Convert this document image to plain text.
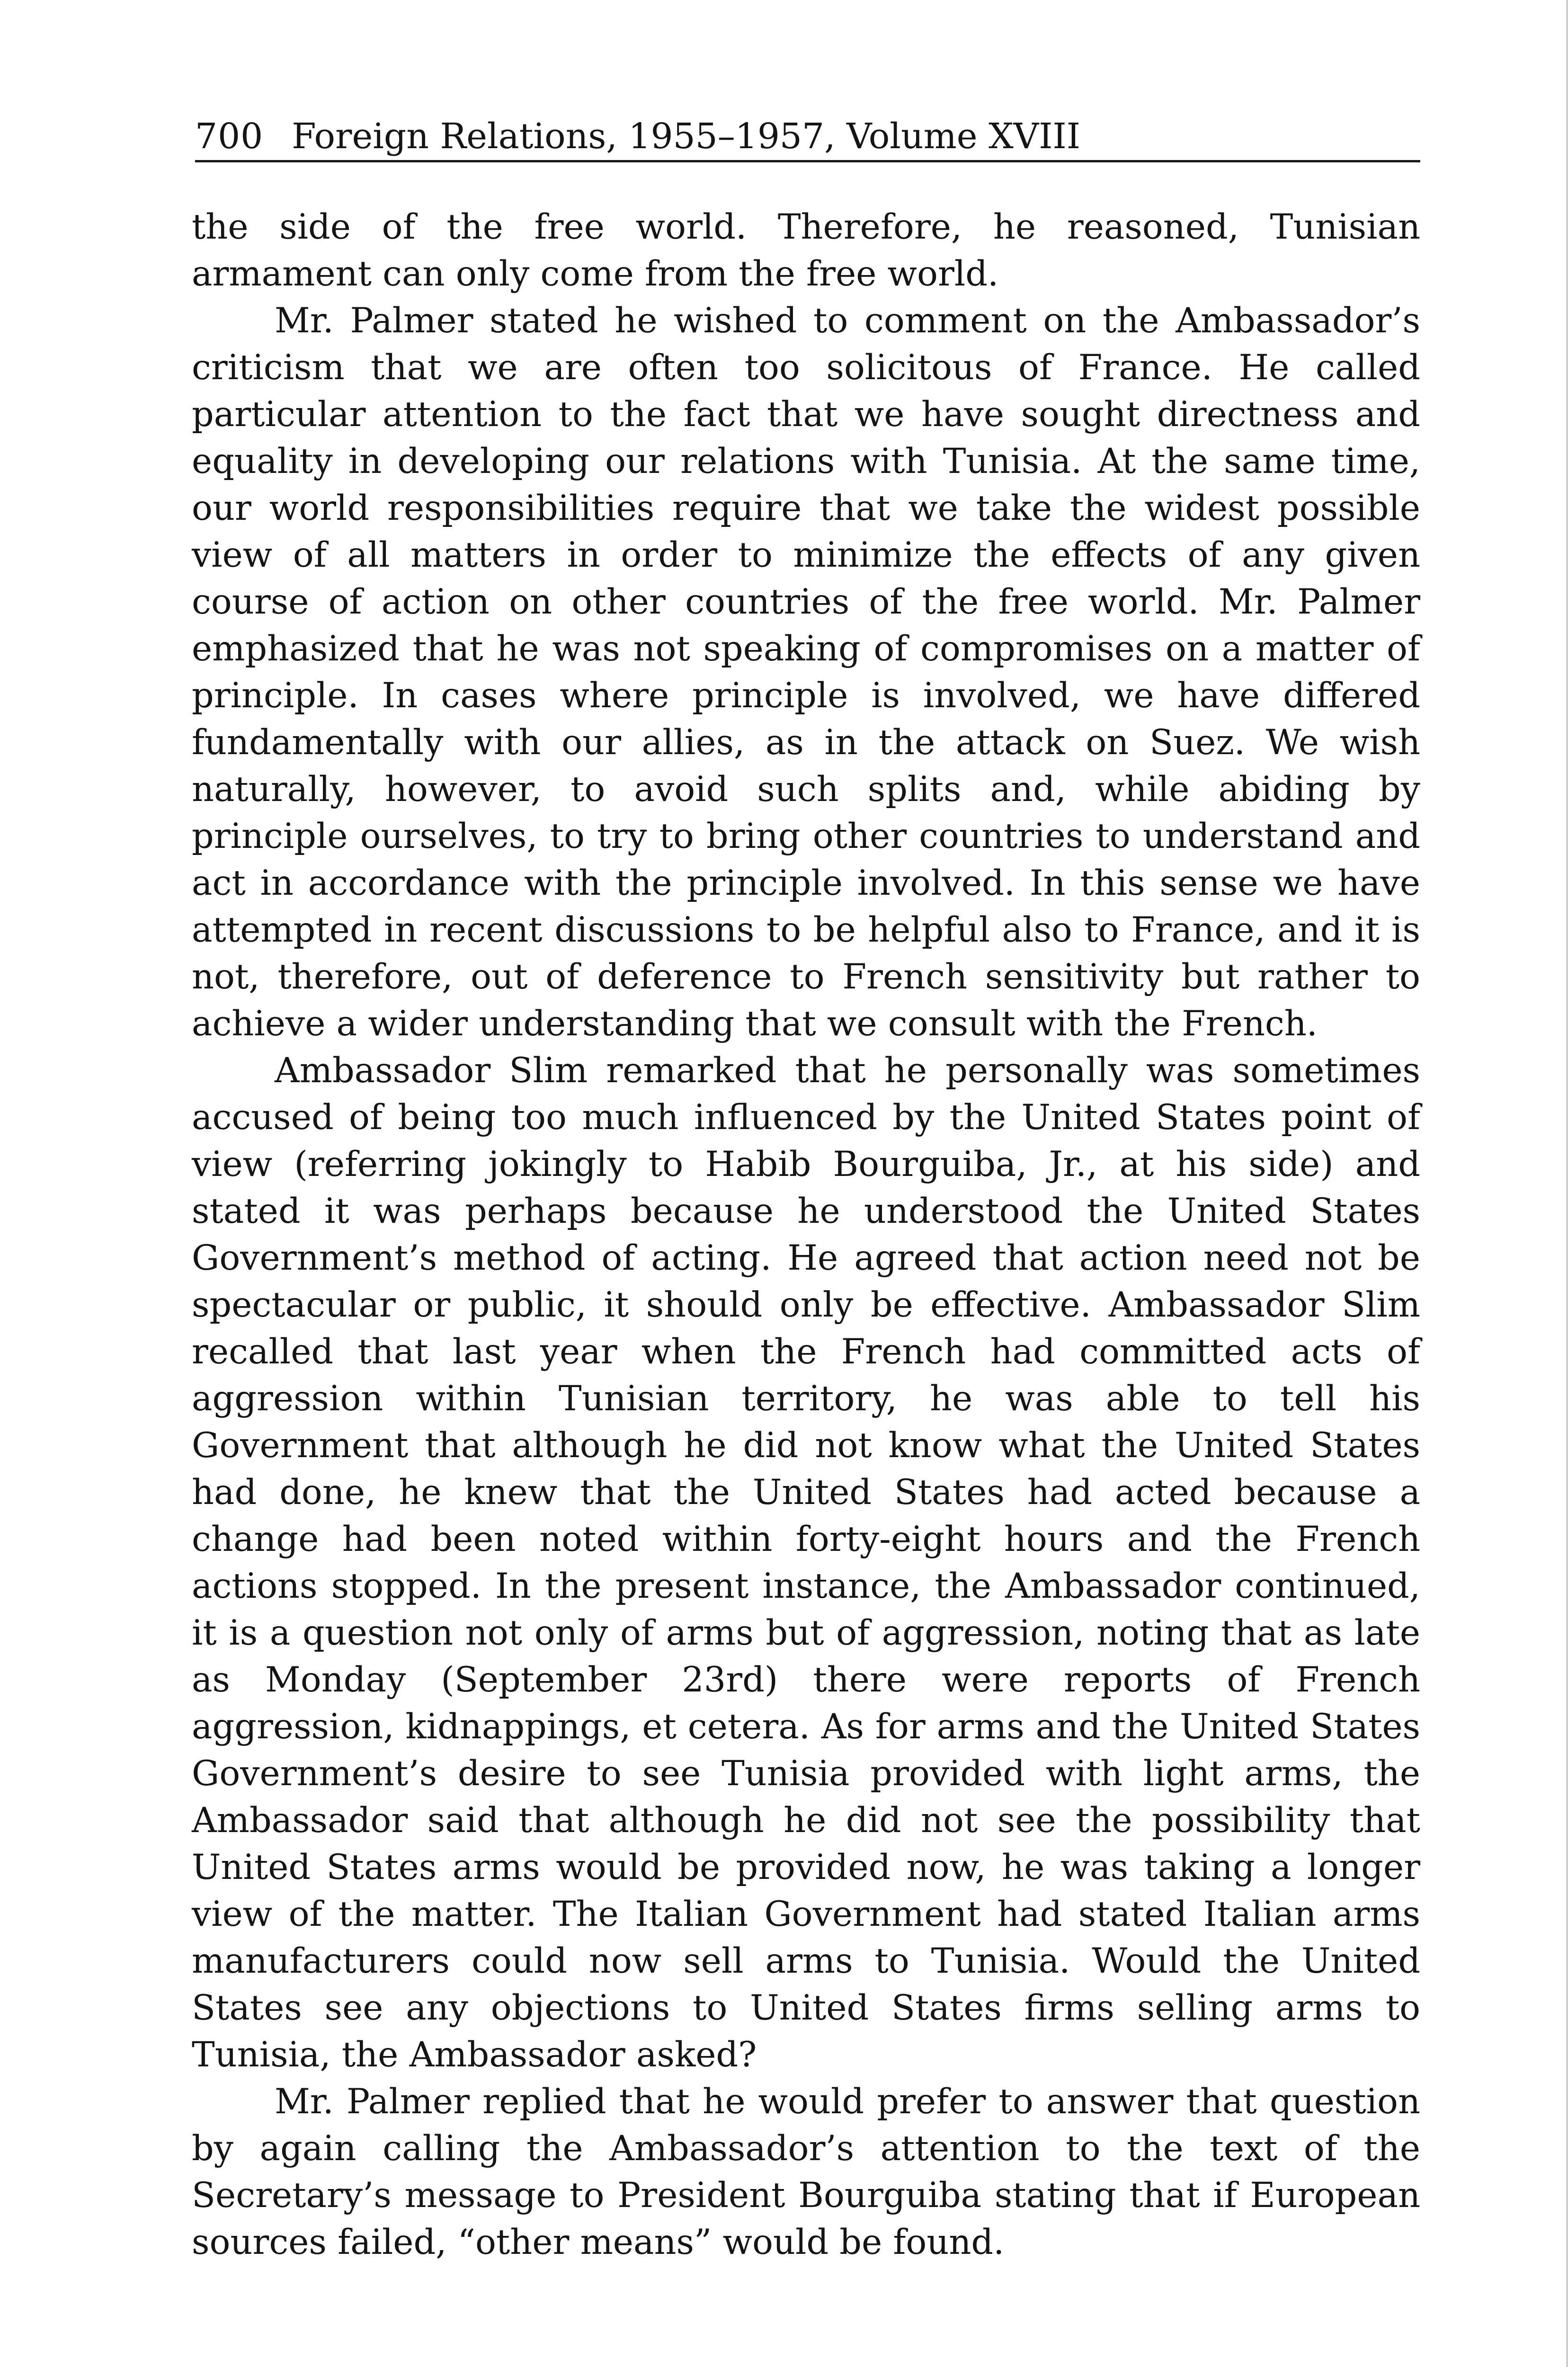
700 Foreign Relations, 1955–1957, Volume XVIII

the side of the free world. Therefore, he reasoned, Tunisian armament can only come from the free world.

Mr. Palmer stated he wished to comment on the Ambassador’s criticism that we are often too solicitous of France. He called particular attention to the fact that we have sought directness and equality in developing our relations with Tunisia. At the same time, our world responsibilities require that we take the widest possible view of all matters in order to minimize the effects of any given course of action on other countries of the free world. Mr. Palmer emphasized that he was not speaking of compromises on a matter of principle. In cases where principle is involved, we have differed fundamentally with our allies, as in the attack on Suez. We wish naturally, however, to avoid such splits and, while abiding by principle ourselves, to try to bring other countries to understand and act in accordance with the principle involved. In this sense we have attempted in recent discussions to be helpful also to France, and it is not, therefore, out of deference to French sensitivity but rather to achieve a wider understanding that we consult with the French.

Ambassador Slim remarked that he personally was sometimes accused of being too much influenced by the United States point of view (referring jokingly to Habib Bourguiba, Jr., at his side) and stated it was perhaps because he understood the United States Government’s method of acting. He agreed that action need not be spectacular or public, it should only be effective. Ambassador Slim recalled that last year when the French had committed acts of aggression within Tunisian territory, he was able to tell his Government that although he did not know what the United States had done, he knew that the United States had acted because a change had been noted within forty-eight hours and the French actions stopped. In the present instance, the Ambassador continued, it is a question not only of arms but of aggression, noting that as late as Monday (September 23rd) there were reports of French aggression, kidnappings, et cetera. As for arms and the United States Government’s desire to see Tunisia provided with light arms, the Ambassador said that although he did not see the possibility that United States arms would be provided now, he was taking a longer view of the matter. The Italian Government had stated Italian arms manufacturers could now sell arms to Tunisia. Would the United States see any objections to United States firms selling arms to Tunisia, the Ambassador asked?

Mr. Palmer replied that he would prefer to answer that question by again calling the Ambassador’s attention to the text of the Secretary’s message to President Bourguiba stating that if European sources failed, “other means” would be found.
